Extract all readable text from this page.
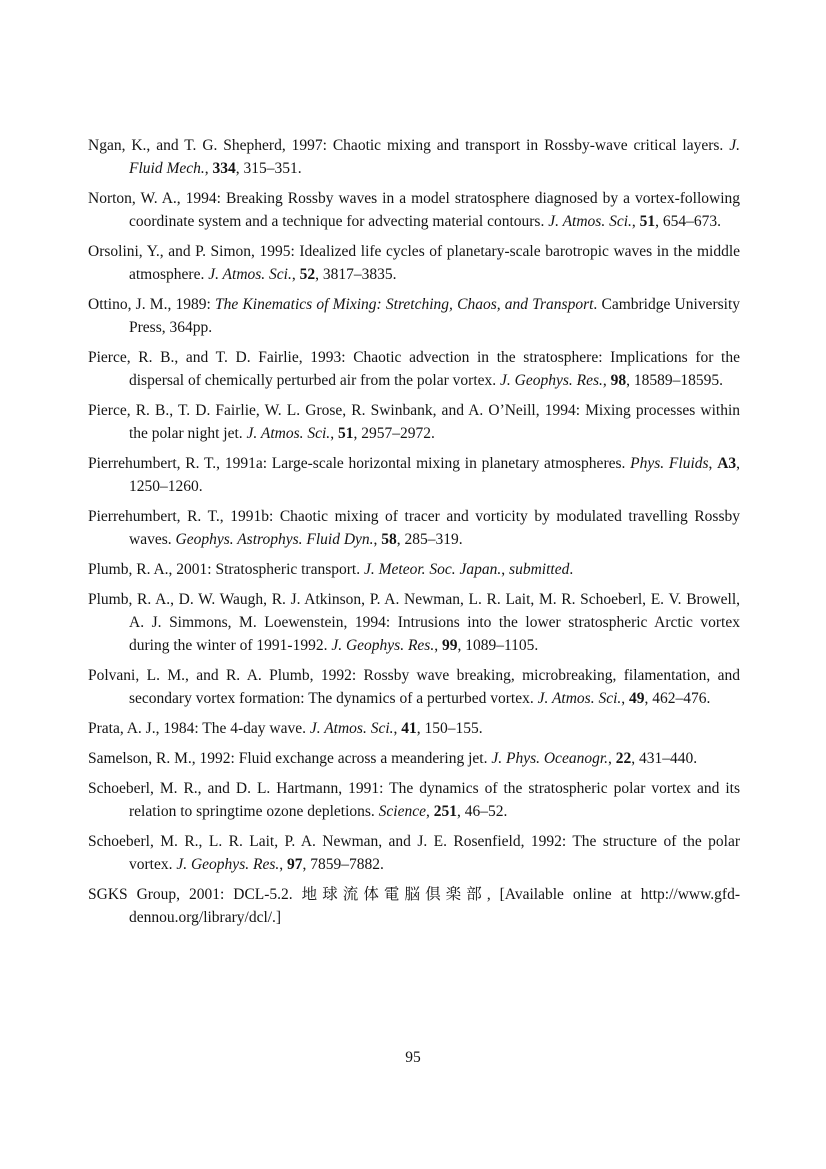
Ngan, K., and T. G. Shepherd, 1997: Chaotic mixing and transport in Rossby-wave critical layers. J. Fluid Mech., 334, 315–351.

Norton, W. A., 1994: Breaking Rossby waves in a model stratosphere diagnosed by a vortex-following coordinate system and a technique for advecting material contours. J. Atmos. Sci., 51, 654–673.

Orsolini, Y., and P. Simon, 1995: Idealized life cycles of planetary-scale barotropic waves in the middle atmosphere. J. Atmos. Sci., 52, 3817–3835.

Ottino, J. M., 1989: The Kinematics of Mixing: Stretching, Chaos, and Transport. Cambridge University Press, 364pp.

Pierce, R. B., and T. D. Fairlie, 1993: Chaotic advection in the stratosphere: Implications for the dispersal of chemically perturbed air from the polar vortex. J. Geophys. Res., 98, 18589–18595.

Pierce, R. B., T. D. Fairlie, W. L. Grose, R. Swinbank, and A. O’Neill, 1994: Mixing processes within the polar night jet. J. Atmos. Sci., 51, 2957–2972.

Pierrehumbert, R. T., 1991a: Large-scale horizontal mixing in planetary atmospheres. Phys. Fluids, A3, 1250–1260.

Pierrehumbert, R. T., 1991b: Chaotic mixing of tracer and vorticity by modulated travelling Rossby waves. Geophys. Astrophys. Fluid Dyn., 58, 285–319.

Plumb, R. A., 2001: Stratospheric transport. J. Meteor. Soc. Japan., submitted.

Plumb, R. A., D. W. Waugh, R. J. Atkinson, P. A. Newman, L. R. Lait, M. R. Schoeberl, E. V. Browell, A. J. Simmons, M. Loewenstein, 1994: Intrusions into the lower stratospheric Arctic vortex during the winter of 1991-1992. J. Geophys. Res., 99, 1089–1105.

Polvani, L. M., and R. A. Plumb, 1992: Rossby wave breaking, microbreaking, filamentation, and secondary vortex formation: The dynamics of a perturbed vortex. J. Atmos. Sci., 49, 462–476.

Prata, A. J., 1984: The 4-day wave. J. Atmos. Sci., 41, 150–155.

Samelson, R. M., 1992: Fluid exchange across a meandering jet. J. Phys. Oceanogr., 22, 431–440.

Schoeberl, M. R., and D. L. Hartmann, 1991: The dynamics of the stratospheric polar vortex and its relation to springtime ozone depletions. Science, 251, 46–52.

Schoeberl, M. R., L. R. Lait, P. A. Newman, and J. E. Rosenfield, 1992: The structure of the polar vortex. J. Geophys. Res., 97, 7859–7882.

SGKS Group, 2001: DCL-5.2. 地球流体電脳倶楽部, [Available online at http://www.gfd-dennou.org/library/dcl/.]

95
